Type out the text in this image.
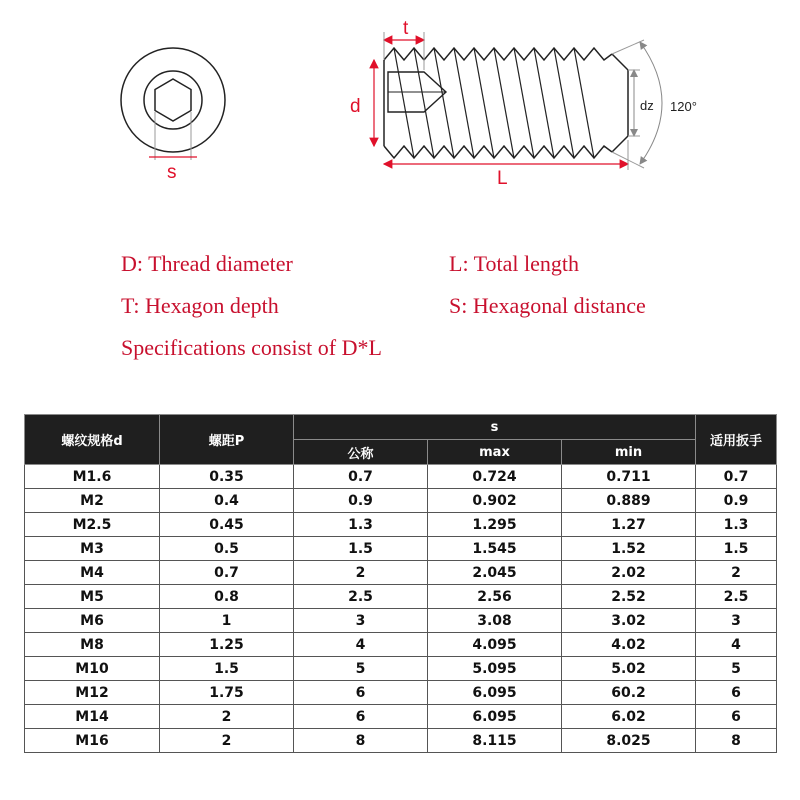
s
t
d
L
dz 120°
D: Thread diameter	L: Total length
T: Hexagon depth	S: Hexagonal distance
Specifications consist of D*L
螺纹规格d	螺距P	s			适用扳手
		公称	max	min	
M1.6	0.35	0.7	0.724	0.711	0.7
M2	0.4	0.9	0.902	0.889	0.9
M2.5	0.45	1.3	1.295	1.27	1.3
M3	0.5	1.5	1.545	1.52	1.5
M4	0.7	2	2.045	2.02	2
M5	0.8	2.5	2.56	2.52	2.5
M6	1	3	3.08	3.02	3
M8	1.25	4	4.095	4.02	4
M10	1.5	5	5.095	5.02	5
M12	1.75	6	6.095	60.2	6
M14	2	6	6.095	6.02	6
M16	2	8	8.115	8.025	8
